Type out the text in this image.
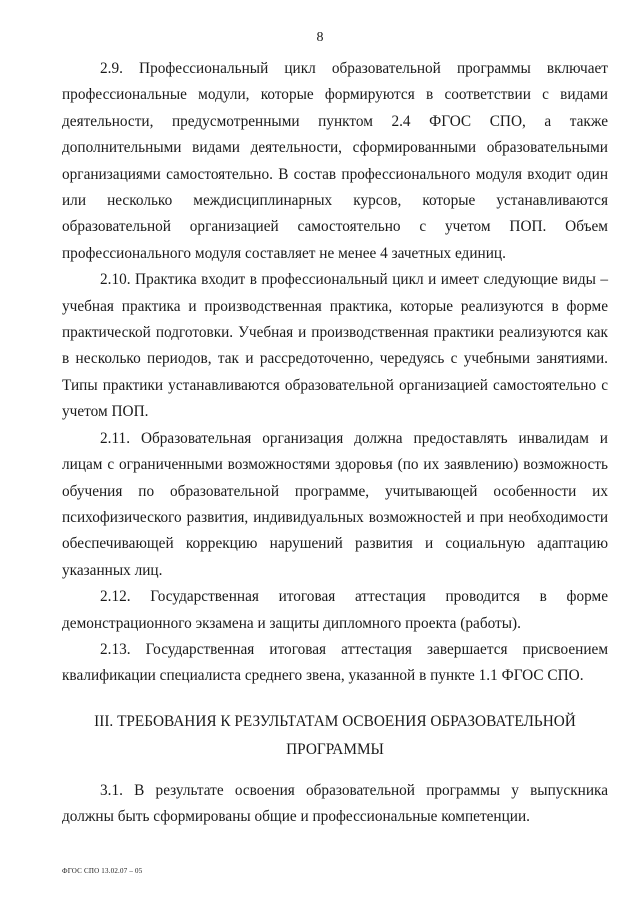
8

2.9. Профессиональный цикл образовательной программы включает профессиональные модули, которые формируются в соответствии с видами деятельности, предусмотренными пунктом 2.4 ФГОС СПО, а также дополнительными видами деятельности, сформированными образовательными организациями самостоятельно. В состав профессионального модуля входит один или несколько междисциплинарных курсов, которые устанавливаются образовательной организацией самостоятельно с учетом ПОП. Объем профессионального модуля составляет не менее 4 зачетных единиц.

2.10. Практика входит в профессиональный цикл и имеет следующие виды – учебная практика и производственная практика, которые реализуются в форме практической подготовки. Учебная и производственная практики реализуются как в несколько периодов, так и рассредоточенно, чередуясь с учебными занятиями. Типы практики устанавливаются образовательной организацией самостоятельно с учетом ПОП.

2.11. Образовательная организация должна предоставлять инвалидам и лицам с ограниченными возможностями здоровья (по их заявлению) возможность обучения по образовательной программе, учитывающей особенности их психофизического развития, индивидуальных возможностей и при необходимости обеспечивающей коррекцию нарушений развития и социальную адаптацию указанных лиц.

2.12. Государственная итоговая аттестация проводится в форме демонстрационного экзамена и защиты дипломного проекта (работы).

2.13. Государственная итоговая аттестация завершается присвоением квалификации специалиста среднего звена, указанной в пункте 1.1 ФГОС СПО.

III. ТРЕБОВАНИЯ К РЕЗУЛЬТАТАМ ОСВОЕНИЯ ОБРАЗОВАТЕЛЬНОЙ
ПРОГРАММЫ

3.1. В результате освоения образовательной программы у выпускника должны быть сформированы общие и профессиональные компетенции.

ФГОС СПО 13.02.07 – 05
